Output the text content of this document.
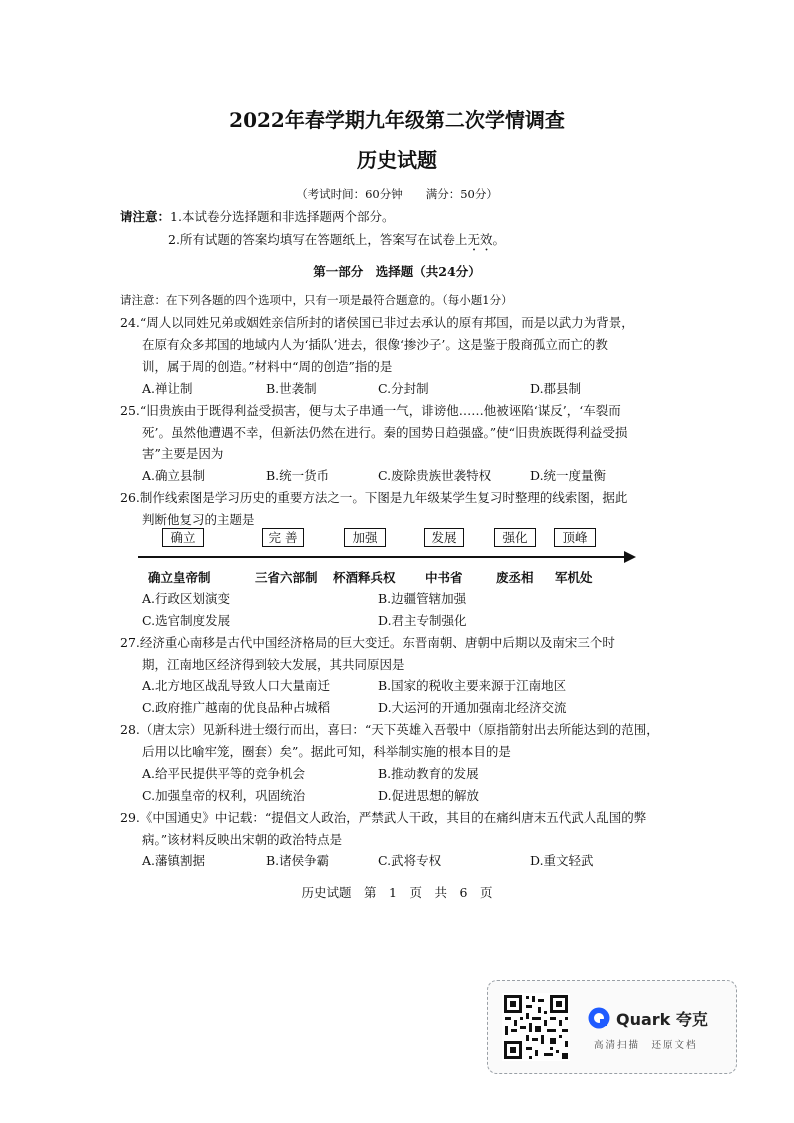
2022年春学期九年级第二次学情调查
历史试题
（考试时间：60分钟　　满分：50分）
请注意：1.本试卷分选择题和非选择题两个部分。
2.所有试题的答案均填写在答题纸上，答案写在试卷上无效。
第一部分　选择题（共24分）
请注意：在下列各题的四个选项中，只有一项是最符合题意的。（每小题1分）
24.“周人以同姓兄弟或姻姓亲信所封的诸侯国已非过去承认的原有邦国，而是以武力为背景，
在原有众多邦国的地域内人为‘插队’进去，很像‘掺沙子’。这是鉴于殷商孤立而亡的教
训，属于周的创造。”材料中“周的创造”指的是
A.禅让制	B.世袭制	C.分封制	D.郡县制
25.“旧贵族由于既得利益受损害，便与太子串通一气，诽谤他……他被诬陷‘谋反’，‘车裂而
死’。虽然他遭遇不幸，但新法仍然在进行。秦的国势日趋强盛。”使“旧贵族既得利益受损
害”主要是因为
A.确立县制	B.统一货币	C.废除贵族世袭特权	D.统一度量衡
26.制作线索图是学习历史的重要方法之一。下图是九年级某学生复习时整理的线索图，据此
判断他复习的主题是
确立	完 善	加强	发展	强化	顶峰
确立皇帝制	三省六部制 杯酒释兵权 中书省	废丞相 军机处
A.行政区划演变	B.边疆管辖加强
C.选官制度发展	D.君主专制强化
27.经济重心南移是古代中国经济格局的巨大变迁。东晋南朝、唐朝中后期以及南宋三个时
期，江南地区经济得到较大发展，其共同原因是
A.北方地区战乱导致人口大量南迁	B.国家的税收主要来源于江南地区
C.政府推广越南的优良品种占城稻	D.大运河的开通加强南北经济交流
28.（唐太宗）见新科进士缀行而出，喜曰：“天下英雄入吾彀中（原指箭射出去所能达到的范围，
后用以比喻牢笼，圈套）矣”。据此可知，科举制实施的根本目的是
A.给平民提供平等的竞争机会	B.推动教育的发展
C.加强皇帝的权利，巩固统治	D.促进思想的解放
29.《中国通史》中记载：“提倡文人政治，严禁武人干政，其目的在痛纠唐末五代武人乱国的弊
病。”该材料反映出宋朝的政治特点是
A.藩镇割据	B.诸侯争霸	C.武将专权	D.重文轻武
历史试题　第　1　页　共　6　页
Quark 夸克
高清扫描　还原文档
